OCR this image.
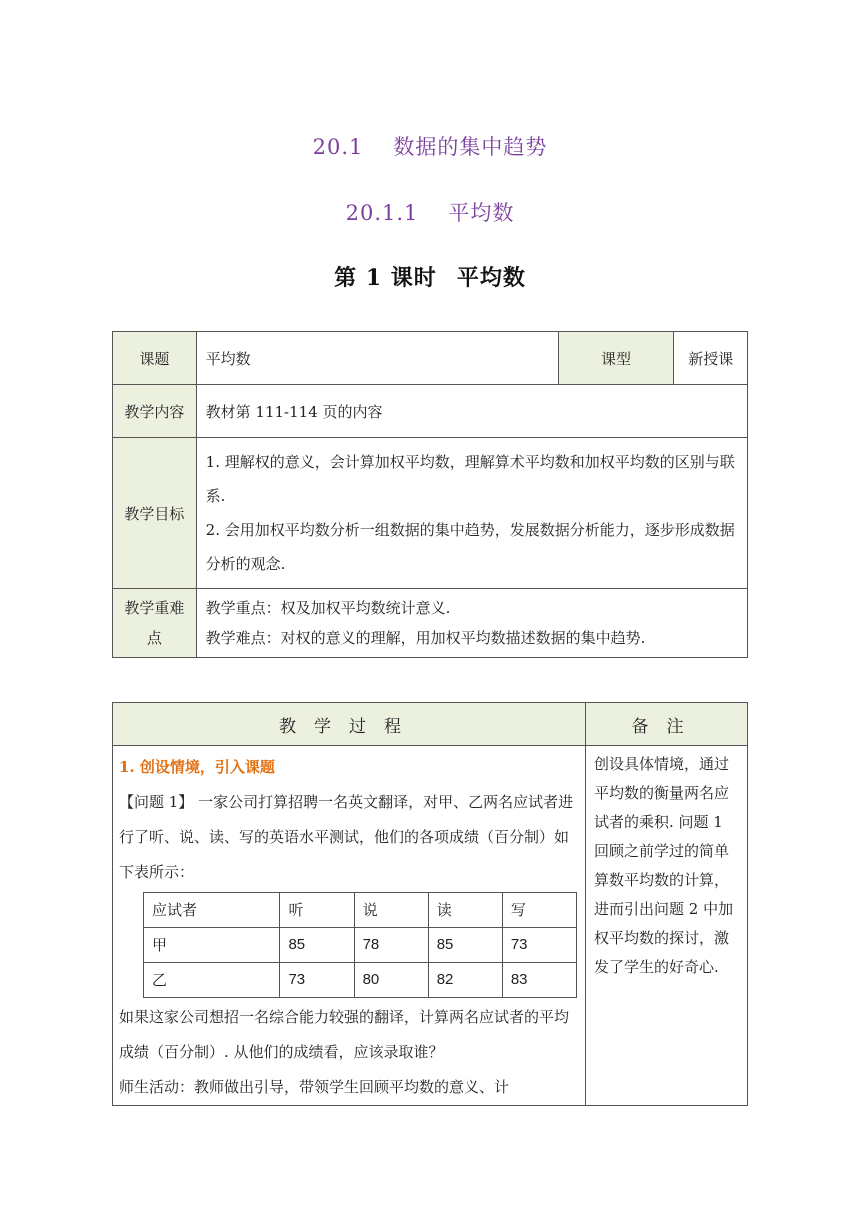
20.1 数据的集中趋势
20.1.1 平均数
第 1 课时 平均数
课题	平均数	课型	新授课
教学内容	教材第 111-114 页的内容		
教学目标	1. 理解权的意义，会计算加权平均数，理解算术平均数和加权平均数的区别与联系.
2. 会用加权平均数分析一组数据的集中趋势，发展数据分析能力，逐步形成数据分析的观念.		

教学重难点	教学重点：权及加权平均数统计意义.
教学难点：对权的意义的理解，用加权平均数描述数据的集中趋势.		
教学过程	备注

1. 创设情境，引入课题
【问题 1】 一家公司打算招聘一名英文翻译，对甲、乙两名应试者进行了听、说、读、写的英语水平测试，他们的各项成绩（百分制）如下表所示：
应试者	听	说	读	写
甲	85	78	85	73
乙	73	80	82	83
如果这家公司想招一名综合能力较强的翻译，计算两名应试者的平均成绩（百分制）. 从他们的成绩看，应该录取谁？
师生活动：教师做出引导，带领学生回顾平均数的意义、计
	创设具体情境，通过平均数的衡量两名应试者的乘积. 问题 1 回顾之前学过的简单算数平均数的计算，进而引出问题 2 中加权平均数的探讨，激发了学生的好奇心.
